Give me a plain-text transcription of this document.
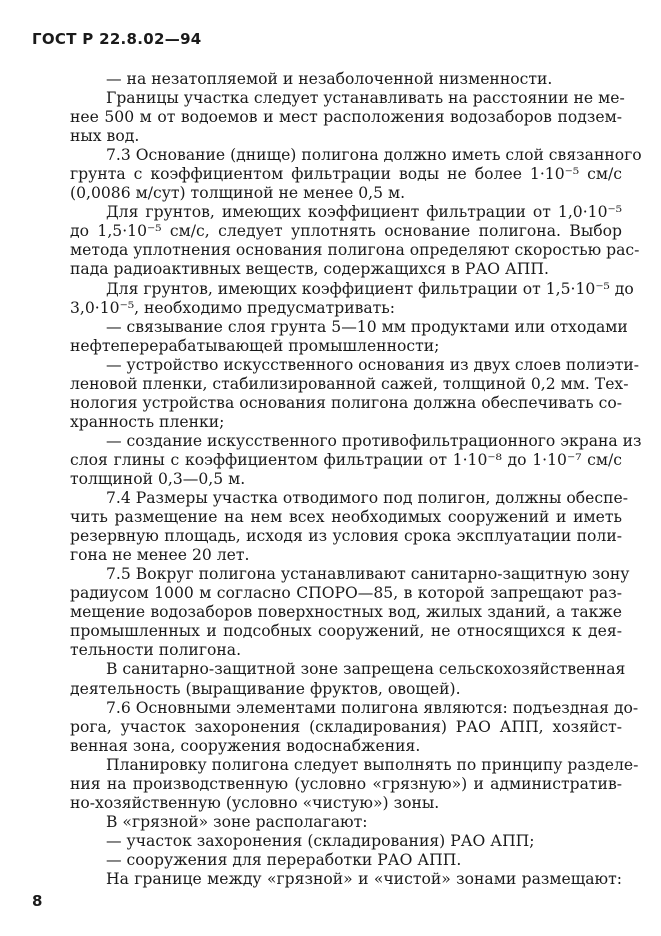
ГОСТ Р 22.8.02—94
— на незатопляемой и незаболоченной низменности.
Границы участка следует устанавливать на расстоянии не ме-
нее 500 м от водоемов и мест расположения водозаборов подзем-
ных вод.
7.3 Основание (днище) полигона должно иметь слой связанного
грунта с коэффициентом фильтрации воды не более 1·10⁻⁵ см/с
(0,0086 м/сут) толщиной не менее 0,5 м.
Для грунтов, имеющих коэффициент фильтрации от 1,0·10⁻⁵
до 1,5·10⁻⁵ см/с, следует уплотнять основание полигона. Выбор
метода уплотнения основания полигона определяют скоростью рас-
пада радиоактивных веществ, содержащихся в РАО АПП.
Для грунтов, имеющих коэффициент фильтрации от 1,5·10⁻⁵ до
3,0·10⁻⁵, необходимо предусматривать:
— связывание слоя грунта 5—10 мм продуктами или отходами
нефтеперерабатывающей промышленности;
— устройство искусственного основания из двух слоев полиэти-
леновой пленки, стабилизированной сажей, толщиной 0,2 мм. Тех-
нология устройства основания полигона должна обеспечивать со-
хранность пленки;
— создание искусственного противофильтрационного экрана из
слоя глины с коэффициентом фильтрации от 1·10⁻⁸ до 1·10⁻⁷ см/с
толщиной 0,3—0,5 м.
7.4 Размеры участка отводимого под полигон, должны обеспе-
чить размещение на нем всех необходимых сооружений и иметь
резервную площадь, исходя из условия срока эксплуатации поли-
гона не менее 20 лет.
7.5 Вокруг полигона устанавливают санитарно-защитную зону
радиусом 1000 м согласно СПОРО—85, в которой запрещают раз-
мещение водозаборов поверхностных вод, жилых зданий, а также
промышленных и подсобных сооружений, не относящихся к дея-
тельности полигона.
В санитарно-защитной зоне запрещена сельскохозяйственная
деятельность (выращивание фруктов, овощей).
7.6 Основными элементами полигона являются: подъездная до-
рога, участок захоронения (складирования) РАО АПП, хозяйст-
венная зона, сооружения водоснабжения.
Планировку полигона следует выполнять по принципу разделе-
ния на производственную (условно «грязную») и административ-
но-хозяйственную (условно «чистую») зоны.
В «грязной» зоне располагают:
— участок захоронения (складирования) РАО АПП;
— сооружения для переработки РАО АПП.
На границе между «грязной» и «чистой» зонами размещают:
8
